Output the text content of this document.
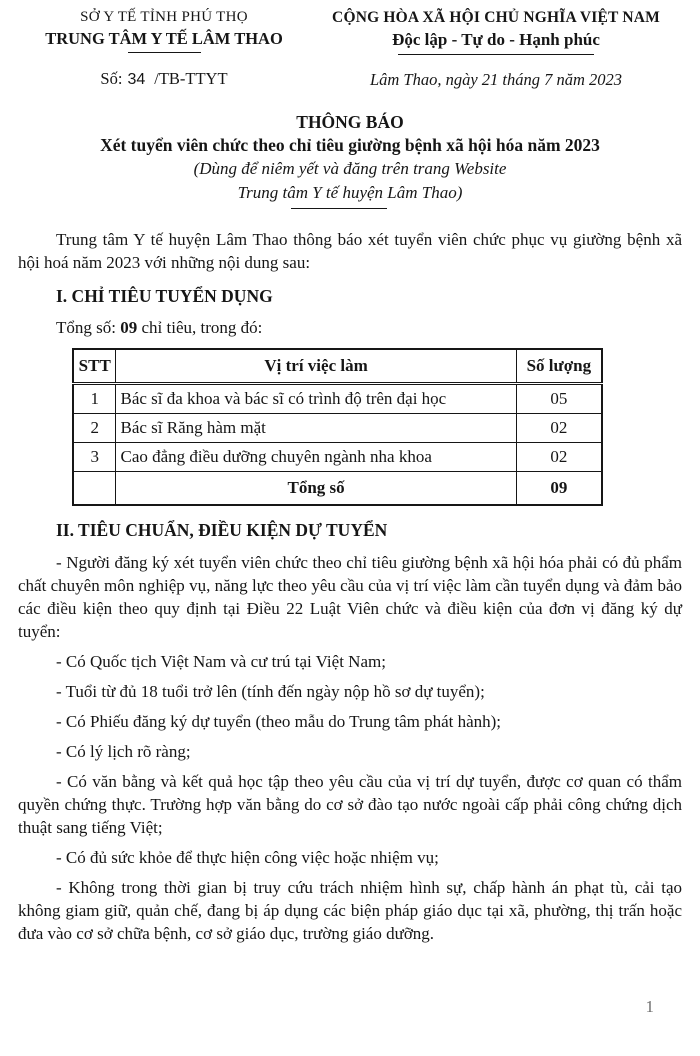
SỞ Y TẾ TỈNH PHÚ THỌ
TRUNG TÂM Y TẾ LÂM THAO
Số: 34 /TB-TTYT
CỘNG HÒA XÃ HỘI CHỦ NGHĨA VIỆT NAM
Độc lập - Tự do - Hạnh phúc
Lâm Thao, ngày 21 tháng 7 năm 2023
THÔNG BÁO
Xét tuyển viên chức theo chỉ tiêu giường bệnh xã hội hóa năm 2023
(Dùng để niêm yết và đăng trên trang Website
Trung tâm Y tế huyện Lâm Thao)

Trung tâm Y tế huyện Lâm Thao thông báo xét tuyển viên chức phục vụ giường bệnh xã hội hoá năm 2023 với những nội dung sau:

I. CHỈ TIÊU TUYỂN DỤNG

Tổng số: 09 chỉ tiêu, trong đó:

STT	Vị trí việc làm	Số lượng
1	Bác sĩ đa khoa và bác sĩ có trình độ trên đại học	05
2	Bác sĩ Răng hàm mặt	02
3	Cao đẳng điều dưỡng chuyên ngành nha khoa	02
	Tổng số	09

II. TIÊU CHUẨN, ĐIỀU KIỆN DỰ TUYỂN

- Người đăng ký xét tuyển viên chức theo chỉ tiêu giường bệnh xã hội hóa phải có đủ phẩm chất chuyên môn nghiệp vụ, năng lực theo yêu cầu của vị trí việc làm cần tuyển dụng và đảm bảo các điều kiện theo quy định tại Điều 22 Luật Viên chức và điều kiện của đơn vị đăng ký dự tuyển:

- Có Quốc tịch Việt Nam và cư trú tại Việt Nam;

- Tuổi từ đủ 18 tuổi trở lên (tính đến ngày nộp hồ sơ dự tuyển);

- Có Phiếu đăng ký dự tuyển (theo mẫu do Trung tâm phát hành);

- Có lý lịch rõ ràng;

- Có văn bằng và kết quả học tập theo yêu cầu của vị trí dự tuyển, được cơ quan có thẩm quyền chứng thực. Trường hợp văn bằng do cơ sở đào tạo nước ngoài cấp phải công chứng dịch thuật sang tiếng Việt;

- Có đủ sức khỏe để thực hiện công việc hoặc nhiệm vụ;

- Không trong thời gian bị truy cứu trách nhiệm hình sự, chấp hành án phạt tù, cải tạo không giam giữ, quản chế, đang bị áp dụng các biện pháp giáo dục tại xã, phường, thị trấn hoặc đưa vào cơ sở chữa bệnh, cơ sở giáo dục, trường giáo dưỡng.

1
